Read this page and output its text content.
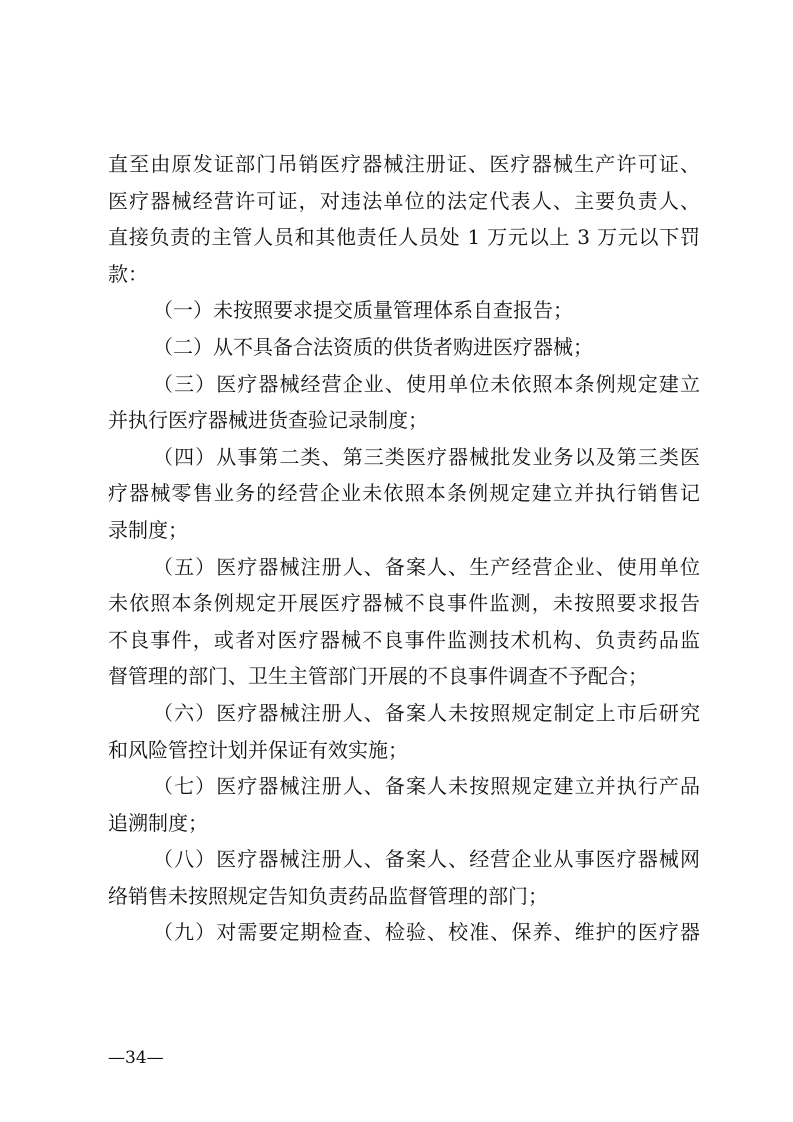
直至由原发证部门吊销医疗器械注册证、医疗器械生产许可证、
医疗器械经营许可证，对违法单位的法定代表人、主要负责人、
直接负责的主管人员和其他责任人员处 1 万元以上 3 万元以下罚
款：
（一）未按照要求提交质量管理体系自查报告；
（二）从不具备合法资质的供货者购进医疗器械；
（三）医疗器械经营企业、使用单位未依照本条例规定建立
并执行医疗器械进货查验记录制度；
（四）从事第二类、第三类医疗器械批发业务以及第三类医
疗器械零售业务的经营企业未依照本条例规定建立并执行销售记
录制度；
（五）医疗器械注册人、备案人、生产经营企业、使用单位
未依照本条例规定开展医疗器械不良事件监测，未按照要求报告
不良事件，或者对医疗器械不良事件监测技术机构、负责药品监
督管理的部门、卫生主管部门开展的不良事件调查不予配合；
（六）医疗器械注册人、备案人未按照规定制定上市后研究
和风险管控计划并保证有效实施；
（七）医疗器械注册人、备案人未按照规定建立并执行产品
追溯制度；
（八）医疗器械注册人、备案人、经营企业从事医疗器械网
络销售未按照规定告知负责药品监督管理的部门；
（九）对需要定期检查、检验、校准、保养、维护的医疗器
—34—
